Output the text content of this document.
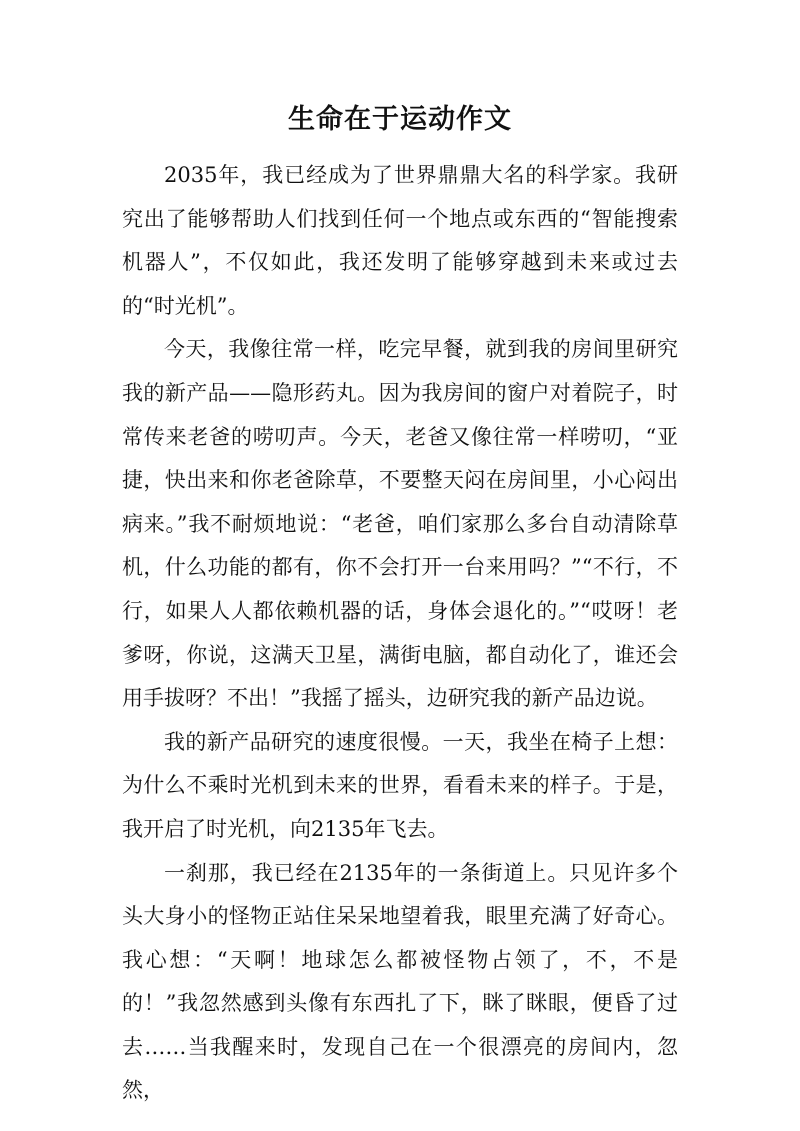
生命在于运动作文

2035年，我已经成为了世界鼎鼎大名的科学家。我研究出了能够帮助人们找到任何一个地点或东西的“智能搜索机器人”，不仅如此，我还发明了能够穿越到未来或过去的“时光机”。

今天，我像往常一样，吃完早餐，就到我的房间里研究我的新产品——隐形药丸。因为我房间的窗户对着院子，时常传来老爸的唠叨声。今天，老爸又像往常一样唠叨，“亚捷，快出来和你老爸除草，不要整天闷在房间里，小心闷出病来。”我不耐烦地说：“老爸，咱们家那么多台自动清除草机，什么功能的都有，你不会打开一台来用吗？”“不行，不行，如果人人都依赖机器的话，身体会退化的。”“哎呀！老爹呀，你说，这满天卫星，满街电脑，都自动化了，谁还会用手拔呀？不出！”我摇了摇头，边研究我的新产品边说。

我的新产品研究的速度很慢。一天，我坐在椅子上想：为什么不乘时光机到未来的世界，看看未来的样子。于是，我开启了时光机，向2135年飞去。

一刹那，我已经在2135年的一条街道上。只见许多个头大身小的怪物正站住呆呆地望着我，眼里充满了好奇心。我心想：“天啊！地球怎么都被怪物占领了，不，不是的！”我忽然感到头像有东西扎了下，眯了眯眼，便昏了过去……当我醒来时，发现自己在一个很漂亮的房间内，忽然，
